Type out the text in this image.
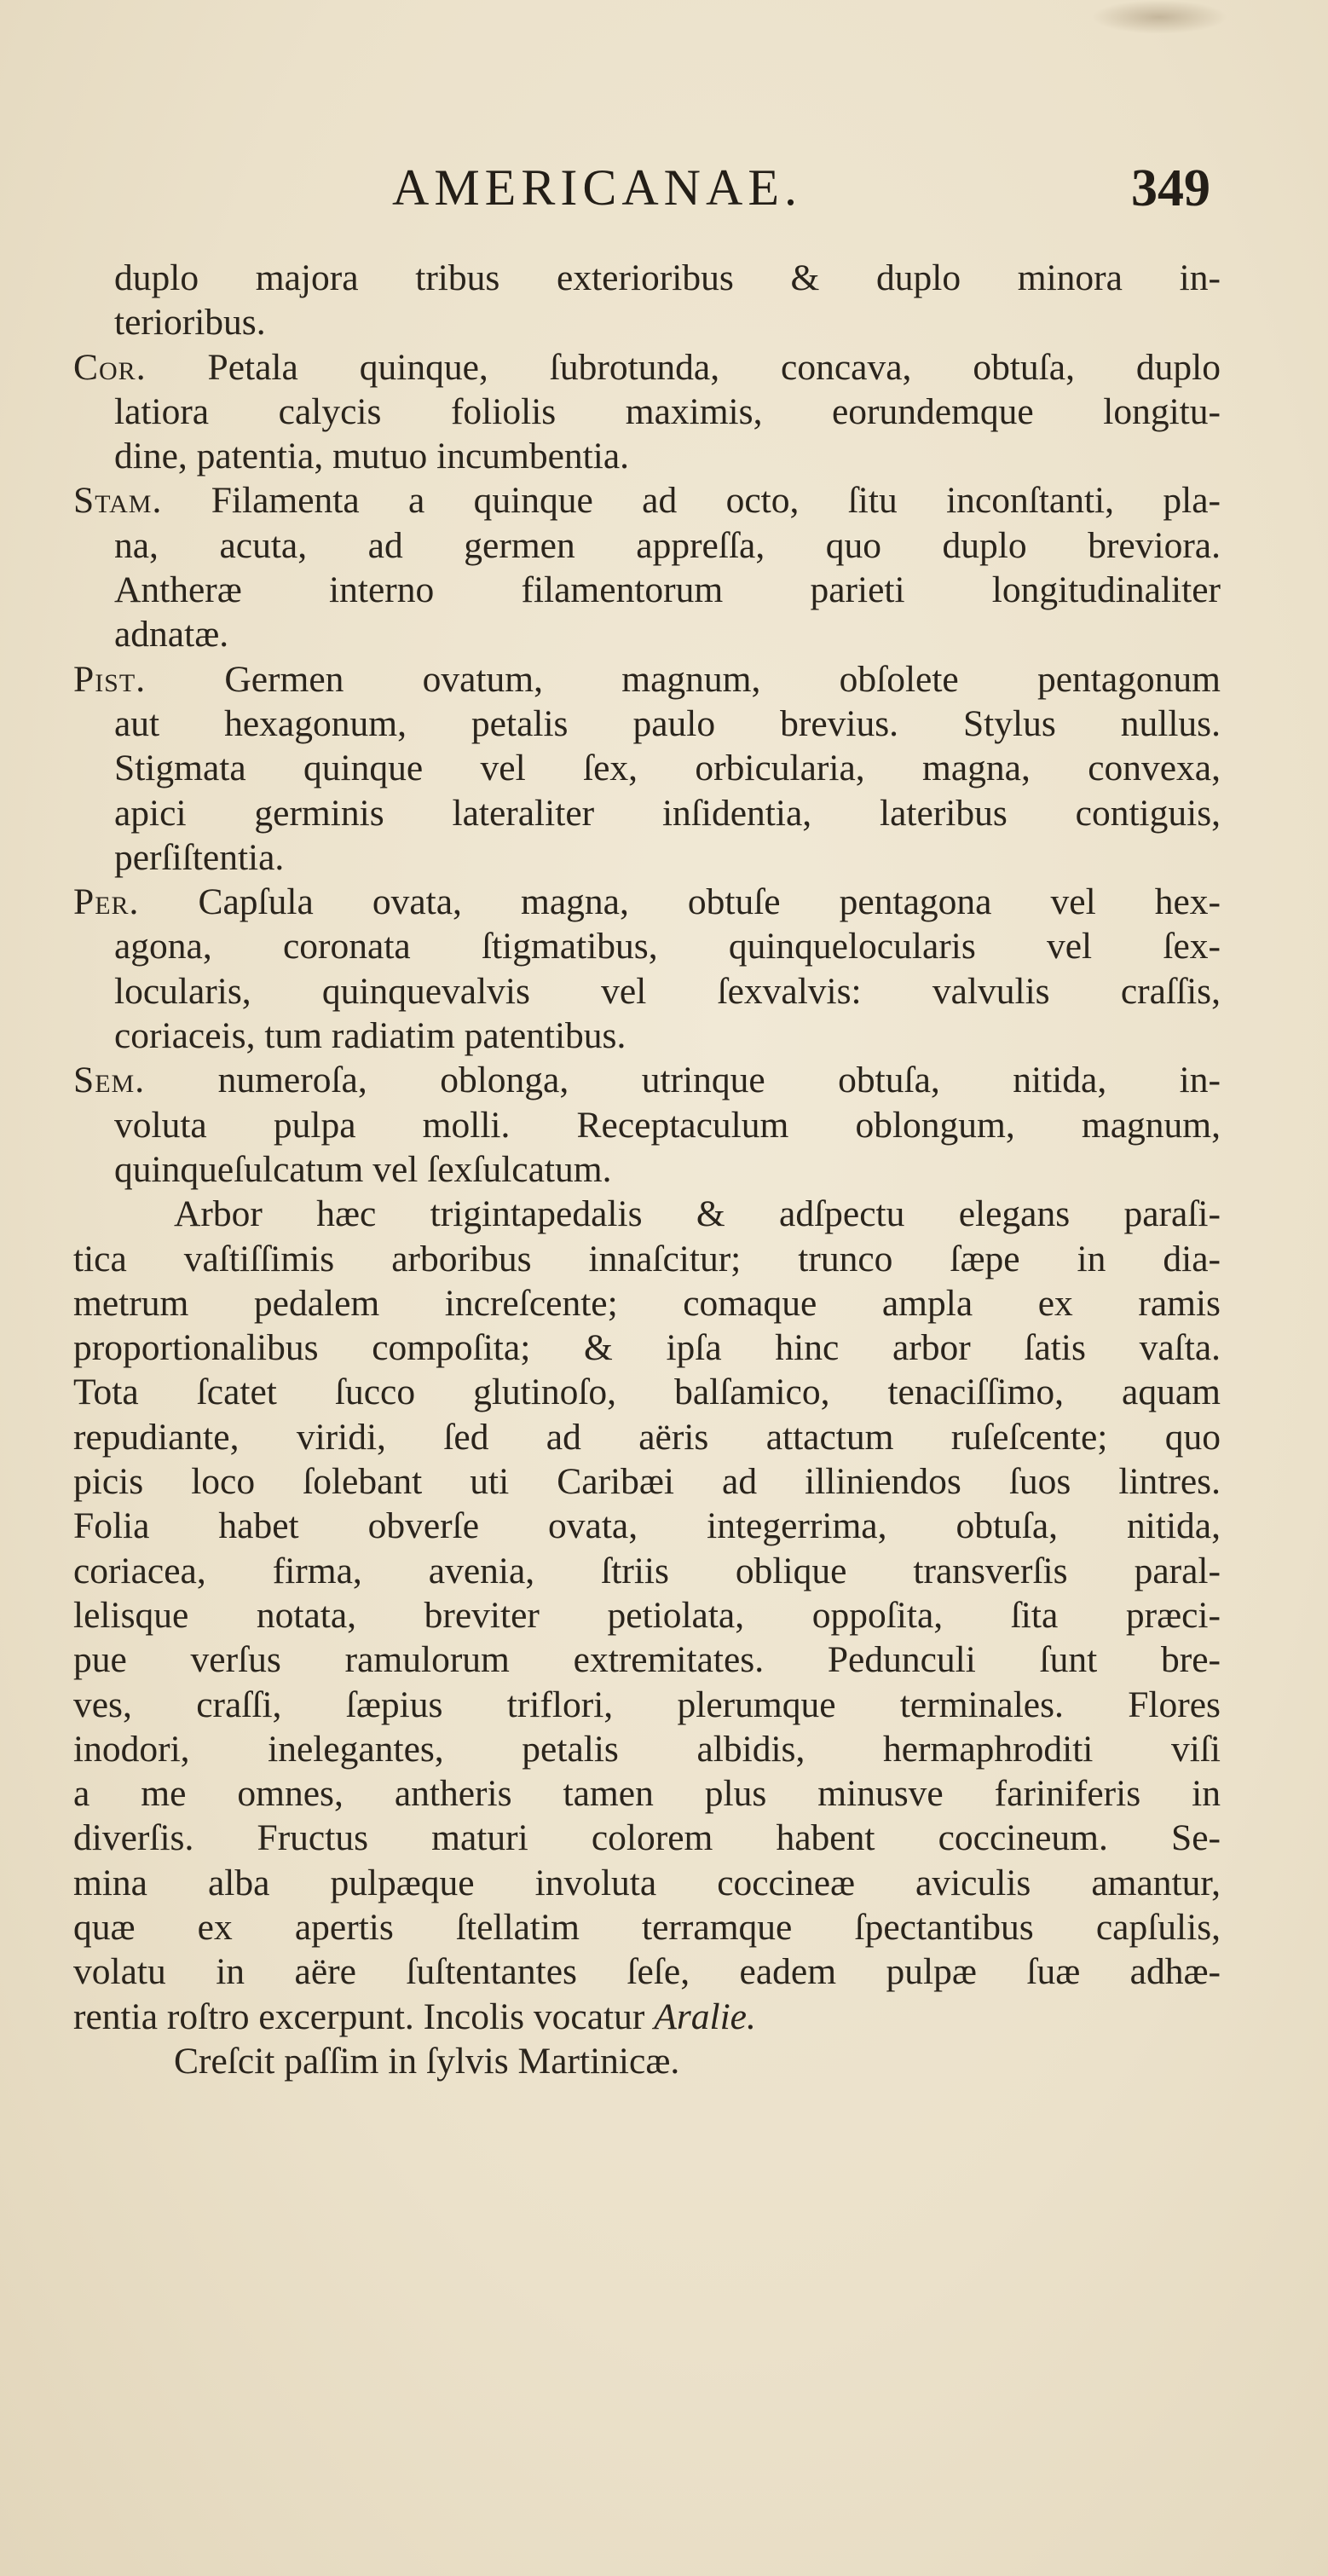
AMERICANAE.	349
duplo majora tribus exterioribus & duplo minora in-
terioribus.
Cor. Petala quinque, ſubrotunda, concava, obtuſa, duplo
latiora calycis foliolis maximis, eorundemque longitu-
dine, patentia, mutuo incumbentia.
Stam. Filamenta a quinque ad octo, ſitu inconſtanti, pla-
na, acuta, ad germen appreſſa, quo duplo breviora.
Antheræ interno filamentorum parieti longitudinaliter
adnatæ.
Pist. Germen ovatum, magnum, obſolete pentagonum
aut hexagonum, petalis paulo brevius. Stylus nullus.
Stigmata quinque vel ſex, orbicularia, magna, convexa,
apici germinis lateraliter inſidentia, lateribus contiguis,
perſiſtentia.
Per. Capſula ovata, magna, obtuſe pentagona vel hex-
agona, coronata ſtigmatibus, quinquelocularis vel ſex-
locularis, quinquevalvis vel ſexvalvis: valvulis craſſis,
coriaceis, tum radiatim patentibus.
Sem. numeroſa, oblonga, utrinque obtuſa, nitida, in-
voluta pulpa molli. Receptaculum oblongum, magnum,
quinqueſulcatum vel ſexſulcatum.
Arbor hæc trigintapedalis & adſpectu elegans paraſi-
tica vaſtiſſimis arboribus innaſcitur; trunco ſæpe in dia-
metrum pedalem increſcente; comaque ampla ex ramis
proportionalibus compoſita; & ipſa hinc arbor ſatis vaſta.
Tota ſcatet ſucco glutinoſo, balſamico, tenaciſſimo, aquam
repudiante, viridi, ſed ad aëris attactum ruſeſcente; quo
picis loco ſolebant uti Caribæi ad illiniendos ſuos lintres.
Folia habet obverſe ovata, integerrima, obtuſa, nitida,
coriacea, firma, avenia, ſtriis oblique transverſis paral-
lelisque notata, breviter petiolata, oppoſita, ſita præci-
pue verſus ramulorum extremitates. Pedunculi ſunt bre-
ves, craſſi, ſæpius triflori, plerumque terminales. Flores
inodori, inelegantes, petalis albidis, hermaphroditi viſi
a me omnes, antheris tamen plus minusve fariniferis in
diverſis. Fructus maturi colorem habent coccineum. Se-
mina alba pulpæque involuta coccineæ aviculis amantur,
quæ ex apertis ſtellatim terramque ſpectantibus capſulis,
volatu in aëre ſuſtentantes ſeſe, eadem pulpæ ſuæ adhæ-
rentia roſtro excerpunt. Incolis vocatur Aralie.
Creſcit paſſim in ſylvis Martinicæ.
